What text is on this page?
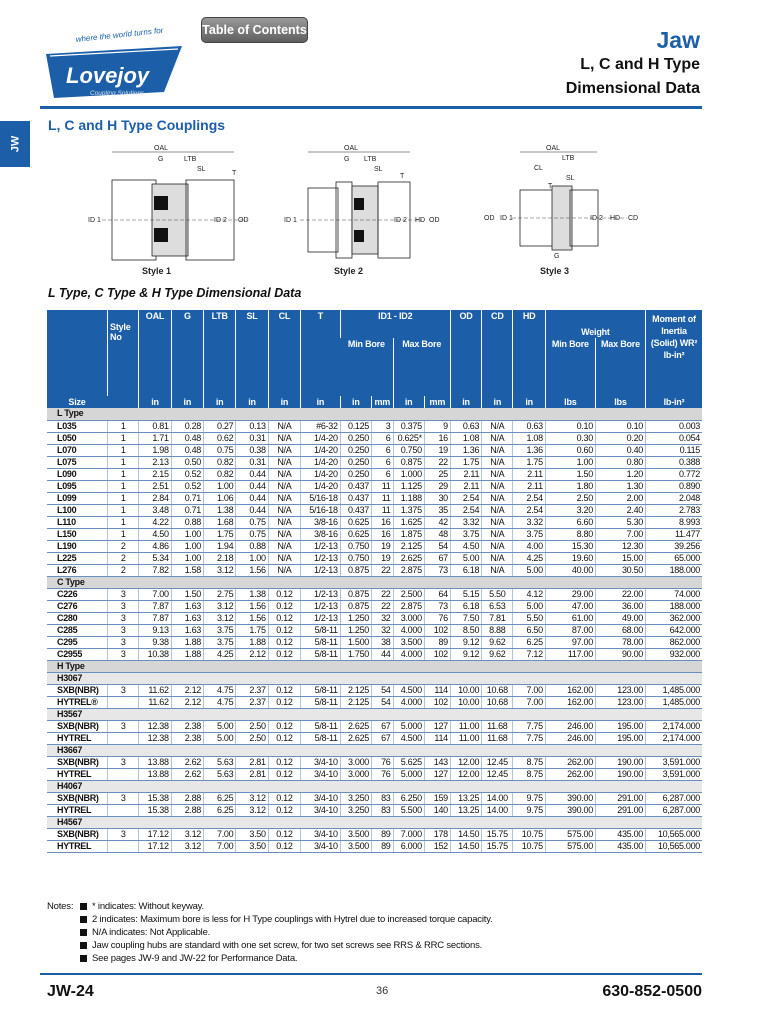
Table of Contents
where the world turns for
Lovejoy
Coupling Solutions
Jaw
L, C and H Type
Dimensional Data
JW
L, C and H Type Couplings
OAL
G	LTB
SL
T
ID 1	ID 2 OD
Style 1
OAL
G LTB
SL
T
ID 1	ID 2 HD OD
Style 2
OAL
CL
LTB
SL
T
OD ID 1	ID 2 HD CD
G
Style 3
L Type, C Type & H Type Dimensional Data
Size	Style No	OAL	G	LTB	SL	CL	T	ID1 - ID2				OD	CD	HD	Weight		Moment of Inertia (Solid) WR² lb-in²
								Min Bore		Max Bore					Min Bore	Max Bore	
		in	in	in	in	in	in	in	mm	in	mm	in	in	in	lbs	lbs	lb-in²
L Type																	
L035	1	0.81	0.28	0.27	0.13	N/A	#6-32	0.125	3	0.375	9	0.63	N/A	0.63	0.10	0.10	0.003
L050	1	1.71	0.48	0.62	0.31	N/A	1/4-20	0.250	6	0.625*	16	1.08	N/A	1.08	0.30	0.20	0.054
L070	1	1.98	0.48	0.75	0.38	N/A	1/4-20	0.250	6	0.750	19	1.36	N/A	1.36	0.60	0.40	0.115
L075	1	2.13	0.50	0.82	0.31	N/A	1/4-20	0.250	6	0.875	22	1.75	N/A	1.75	1.00	0.80	0.388
L090	1	2.15	0.52	0.82	0.44	N/A	1/4-20	0.250	6	1.000	25	2.11	N/A	2.11	1.50	1.20	0.772
L095	1	2.51	0.52	1.00	0.44	N/A	1/4-20	0.437	11	1.125	29	2.11	N/A	2.11	1.80	1.30	0.890
L099	1	2.84	0.71	1.06	0.44	N/A	5/16-18	0.437	11	1.188	30	2.54	N/A	2.54	2.50	2.00	2.048
L100	1	3.48	0.71	1.38	0.44	N/A	5/16-18	0.437	11	1.375	35	2.54	N/A	2.54	3.20	2.40	2.783
L110	1	4.22	0.88	1.68	0.75	N/A	3/8-16	0.625	16	1.625	42	3.32	N/A	3.32	6.60	5.30	8.993
L150	1	4.50	1.00	1.75	0.75	N/A	3/8-16	0.625	16	1.875	48	3.75	N/A	3.75	8.80	7.00	11.477
L190	2	4.86	1.00	1.94	0.88	N/A	1/2-13	0.750	19	2.125	54	4.50	N/A	4.00	15.30	12.30	39.256
L225	2	5.34	1.00	2.18	1.00	N/A	1/2-13	0.750	19	2.625	67	5.00	N/A	4.25	19.60	15.00	65.000
L276	2	7.82	1.58	3.12	1.56	N/A	1/2-13	0.875	22	2.875	73	6.18	N/A	5.00	40.00	30.50	188.000
C Type																	
C226	3	7.00	1.50	2.75	1.38	0.12	1/2-13	0.875	22	2.500	64	5.15	5.50	4.12	29.00	22.00	74.000
C276	3	7.87	1.63	3.12	1.56	0.12	1/2-13	0.875	22	2.875	73	6.18	6.53	5.00	47.00	36.00	188.000
C280	3	7.87	1.63	3.12	1.56	0.12	1/2-13	1.250	32	3.000	76	7.50	7.81	5.50	61.00	49.00	362.000
C285	3	9.13	1.63	3.75	1.75	0.12	5/8-11	1.250	32	4.000	102	8.50	8.88	6.50	87.00	68.00	642.000
C295	3	9.38	1.88	3.75	1.88	0.12	5/8-11	1.500	38	3.500	89	9.12	9.62	6.25	97.00	78.00	862.000
C2955	3	10.38	1.88	4.25	2.12	0.12	5/8-11	1.750	44	4.000	102	9.12	9.62	7.12	117.00	90.00	932.000
H Type																	
H3067																	
SXB(NBR)	3	11.62	2.12	4.75	2.37	0.12	5/8-11	2.125	54	4.500	114	10.00	10.68	7.00	162.00	123.00	1,485.000
HYTREL®		11.62	2.12	4.75	2.37	0.12	5/8-11	2.125	54	4.000	102	10.00	10.68	7.00	162.00	123.00	1,485.000
H3567																	
SXB(NBR)	3	12.38	2.38	5.00	2.50	0.12	5/8-11	2.625	67	5.000	127	11.00	11.68	7.75	246.00	195.00	2,174.000
HYTREL		12.38	2.38	5.00	2.50	0.12	5/8-11	2.625	67	4.500	114	11.00	11.68	7.75	246.00	195.00	2,174.000
H3667																	
SXB(NBR)	3	13.88	2.62	5.63	2.81	0.12	3/4-10	3.000	76	5.625	143	12.00	12.45	8.75	262.00	190.00	3,591.000
HYTREL		13.88	2.62	5.63	2.81	0.12	3/4-10	3.000	76	5.000	127	12.00	12.45	8.75	262.00	190.00	3,591.000
H4067																	
SXB(NBR)	3	15.38	2.88	6.25	3.12	0.12	3/4-10	3.250	83	6.250	159	13.25	14.00	9.75	390.00	291.00	6,287.000
HYTREL		15.38	2.88	6.25	3.12	0.12	3/4-10	3.250	83	5.500	140	13.25	14.00	9.75	390.00	291.00	6,287.000
H4567																	
SXB(NBR)	3	17.12	3.12	7.00	3.50	0.12	3/4-10	3.500	89	7.000	178	14.50	15.75	10.75	575.00	435.00	10,565.000
HYTREL		17.12	3.12	7.00	3.50	0.12	3/4-10	3.500	89	6.000	152	14.50	15.75	10.75	575.00	435.00	10,565.000
Notes:	* indicates: Without keyway.
2 indicates: Maximum bore is less for H Type couplings with Hytrel due to increased torque capacity.
N/A indicates: Not Applicable.
Jaw coupling hubs are standard with one set screw, for two set screws see RRS & RRC sections.
See pages JW-9 and JW-22 for Performance Data.
JW-24	36	630-852-0500
